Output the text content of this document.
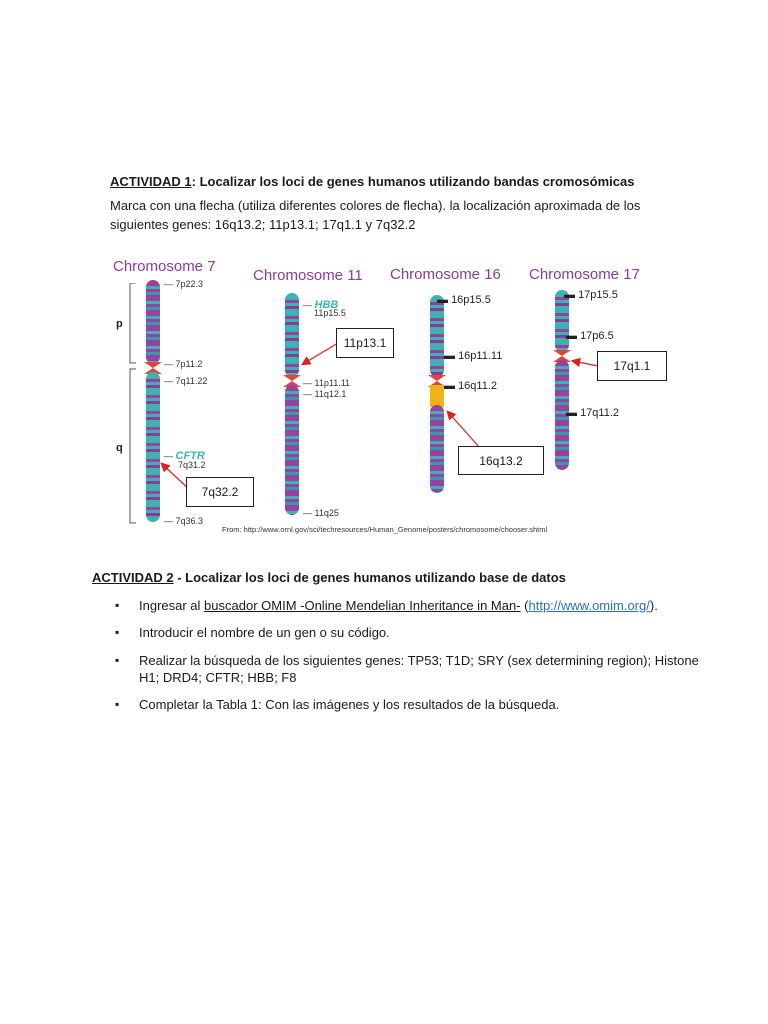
ACTIVIDAD 1: Localizar los loci de genes humanos utilizando bandas cromosómicas
Marca con una flecha (utiliza diferentes colores de flecha). la localización aproximada de los
siguientes genes: 16q13.2; 11p13.1; 17q1.1 y 7q32.2
Chromosome 7
Chromosome 11 Chromosome 16 Chromosome 17
p
q
— 7p22.3
— 7p11.2
— 7q11.22
— CFTR
7q31.2
— 7q36.3
— HBB
11p15.5
— 11p11.11
— 11q12.1
— 11q25
▬ 16p15.5
▬ 16p11.11
▬ 16q11.2
▬ 17p15.5
▬ 17p6.5
▬ 17q11.2
11p13.1
17q1.1
16q13.2
7q32.2
From: http://www.ornl.gov/sci/techresources/Human_Genome/posters/chromosome/chooser.shtml
ACTIVIDAD 2 - Localizar los loci de genes humanos utilizando base de datos
▪ Ingresar al buscador OMIM -Online Mendelian Inheritance in Man- (http://www.omim.org/).
▪ Introducir el nombre de un gen o su código.
▪ Realizar la búsqueda de los siguientes genes: TP53; T1D; SRY (sex determining region); Histone
H1; DRD4; CFTR; HBB; F8
▪ Completar la Tabla 1: Con las imágenes y los resultados de la búsqueda.
